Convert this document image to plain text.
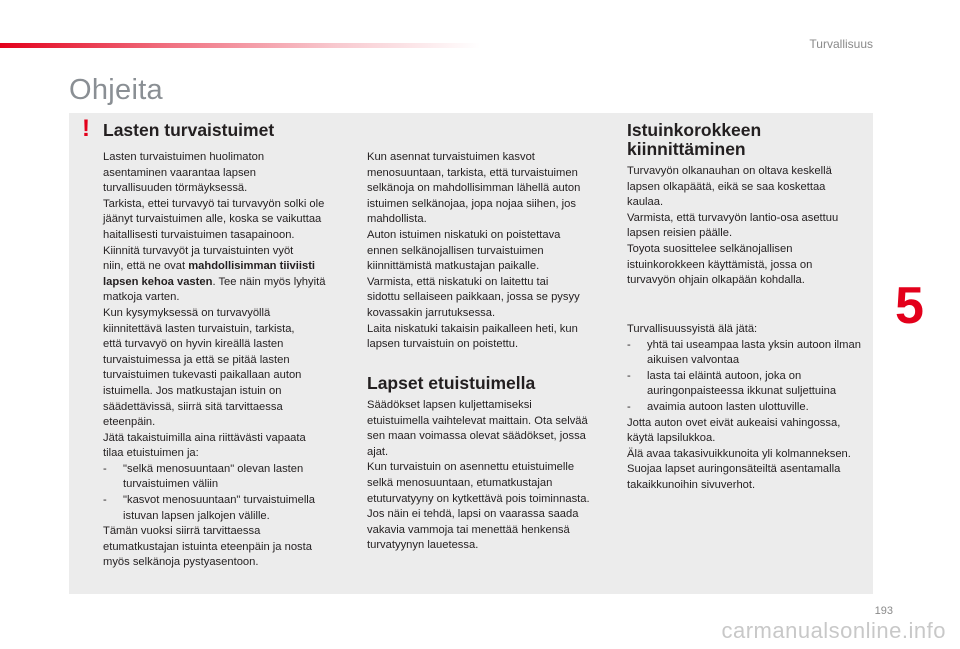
Turvallisuus
Ohjeita
! Lasten turvaistuimet

Lasten turvaistuimen huolimaton

asentaminen vaarantaa lapsen

turvallisuuden törmäyksessä.

Tarkista, ettei turvavyö tai turvavyön solki ole

jäänyt turvaistuimen alle, koska se vaikuttaa

haitallisesti turvaistuimen tasapainoon.

Kiinnitä turvavyöt ja turvaistuinten vyöt

niin, että ne ovat mahdollisimman tiiviisti

lapsen kehoa vasten. Tee näin myös lyhyitä

matkoja varten.

Kun kysymyksessä on turvavyöllä

kiinnitettävä lasten turvaistuin, tarkista,

että turvavyö on hyvin kireällä lasten

turvaistuimessa ja että se pitää lasten

turvaistuimen tukevasti paikallaan auton

istuimella. Jos matkustajan istuin on

säädettävissä, siirrä sitä tarvittaessa

eteenpäin.

Jätä takaistuimilla aina riittävästi vapaata

tilaa etuistuimen ja:

- "selkä menosuuntaan" olevan lasten turvaistuimen väliin

- "kasvot menosuuntaan" turvaistuimella istuvan lapsen jalkojen välille.

Tämän vuoksi siirrä tarvittaessa

etumatkustajan istuinta eteenpäin ja nosta

myös selkänoja pystyasentoon.

Kun asennat turvaistuimen kasvot

menosuuntaan, tarkista, että turvaistuimen

selkänoja on mahdollisimman lähellä auton

istuimen selkänojaa, jopa nojaa siihen, jos

mahdollista.

Auton istuimen niskatuki on poistettava

ennen selkänojallisen turvaistuimen

kiinnittämistä matkustajan paikalle.

Varmista, että niskatuki on laitettu tai

sidottu sellaiseen paikkaan, jossa se pysyy

kovassakin jarrutuksessa.

Laita niskatuki takaisin paikalleen heti, kun

lapsen turvaistuin on poistettu.

Lapset etuistuimella

Säädökset lapsen kuljettamiseksi

etuistuimella vaihtelevat maittain. Ota selvää

sen maan voimassa olevat säädökset, jossa

ajat.

Kun turvaistuin on asennettu etuistuimelle

selkä menosuuntaan, etumatkustajan

etuturvatyyny on kytkettävä pois toiminnasta.

Jos näin ei tehdä, lapsi on vaarassa saada

vakavia vammoja tai menettää henkensä

turvatyynyn lauetessa.

Istuinkorokkeen
kiinnittäminen

Turvavyön olkanauhan on oltava keskellä

lapsen olkapäätä, eikä se saa koskettaa

kaulaa.

Varmista, että turvavyön lantio-osa asettuu

lapsen reisien päälle.

Toyota suosittelee selkänojallisen

istuinkorokkeen käyttämistä, jossa on

turvavyön ohjain olkapään kohdalla.

Turvallisuussyistä älä jätä:

- yhtä tai useampaa lasta yksin autoon ilman aikuisen valvontaa

- lasta tai eläintä autoon, joka on auringonpaisteessa ikkunat suljettuina

- avaimia autoon lasten ulottuville.

Jotta auton ovet eivät aukeaisi vahingossa,

käytä lapsilukkoa.

Älä avaa takasivuikkunoita yli kolmanneksen.

Suojaa lapset auringonsäteiltä asentamalla

takaikkunoihin sivuverhot.

5
193
carmanualsonline.info
